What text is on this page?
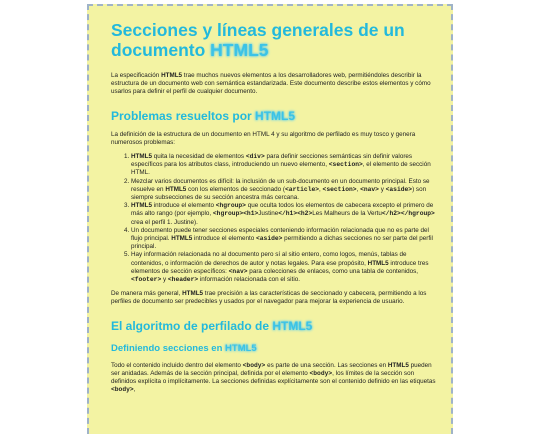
Secciones y líneas generales de un documento HTML5

La especificación HTML5 trae muchos nuevos elementos a los desarrolladores web, permitiéndoles describir la estructura de un documento web con semántica estandarizada. Este documento describe estos elementos y cómo usarlos para definir el perfil de cualquier documento.

Problemas resueltos por HTML5

La definición de la estructura de un documento en HTML 4 y su algoritmo de perfilado es muy tosco y genera numerosos problemas:

1. HTML5 quita la necesidad de elementos <div> para definir secciones semánticas sin definir valores específicos para los atributos class, introduciendo un nuevo elemento, <section>, el elemento de sección HTML.
2. Mezclar varios documentos es difícil: la inclusión de un sub-documento en un documento principal. Esto se resuelve en HTML5 con los elementos de seccionado (<article>, <section>, <nav> y <aside>) son siempre subsecciones de su sección ancestra más cercana.
3. HTML5 introduce el elemento <hgroup> que oculta todos los elementos de cabecera excepto el primero de más alto rango (por ejemplo, <hgroup><h1>Justine</h1><h2>Les Malheurs de la Vertu</h2></hgroup> crea el perfil 1. Justine).
4. Un documento puede tener secciones especiales conteniendo información relacionada que no es parte del flujo principal. HTML5 introduce el elemento <aside> permitiendo a dichas secciones no ser parte del perfil principal.
5. Hay información relacionada no al documento pero sí al sitio entero, como logos, menús, tablas de contenidos, o información de derechos de autor y notas legales. Para ese propósito, HTML5 introduce tres elementos de sección específicos: <nav> para colecciones de enlaces, como una tabla de contenidos, <footer> y <header> información relacionada con el sitio.

De manera más general, HTML5 trae precisión a las características de seccionado y cabecera, permitiendo a los perfiles de documento ser predecibles y usados por el navegador para mejorar la experiencia de usuario.

El algoritmo de perfilado de HTML5
Definiendo secciones en HTML5

Todo el contenido incluido dentro del elemento <body> es parte de una sección. Las secciones en HTML5 pueden ser anidadas. Además de la sección principal, definida por el elemento <body>, los límites de la sección son definidos explícita o implícitamente. La secciones definidas explícitamente son el contenido definido en las etiquetas <body>,
